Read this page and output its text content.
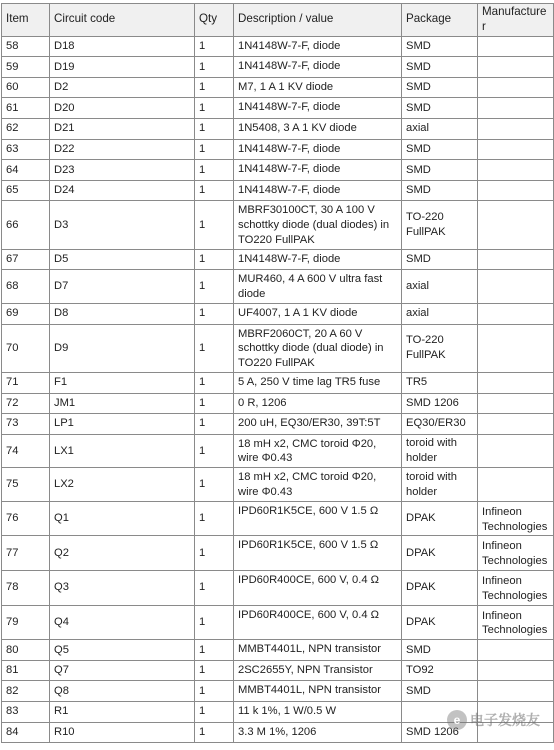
Item	Circuit code	Qty	Description / value	Package	Manufacturer
58	D18	1	1N4148W-7-F, diode	SMD	
59	D19	1	1N4148W-7-F, diode	SMD	
60	D2	1	M7, 1 A 1 KV diode	SMD	
61	D20	1	1N4148W-7-F, diode	SMD	
62	D21	1	1N5408, 3 A 1 KV diode	axial	
63	D22	1	1N4148W-7-F, diode	SMD	
64	D23	1	1N4148W-7-F, diode	SMD	
65	D24	1	1N4148W-7-F, diode	SMD	
66	D3	1	MBRF30100CT, 30 A 100 V schottky diode (dual diodes) in TO220 FullPAK	TO-220 FullPAK	
67	D5	1	1N4148W-7-F, diode	SMD	
68	D7	1	MUR460, 4 A 600 V ultra fast diode	axial	
69	D8	1	UF4007, 1 A 1 KV diode	axial	
70	D9	1	MBRF2060CT, 20 A 60 V schottky diode (dual diode) in TO220 FullPAK	TO-220 FullPAK	
71	F1	1	5 A, 250 V time lag TR5 fuse	TR5	
72	JM1	1	0 R, 1206	SMD 1206	
73	LP1	1	200 uH, EQ30/ER30, 39T:5T	EQ30/ER30	
74	LX1	1	18 mH x2, CMC toroid Φ20, wire Φ0.43	toroid with holder	
75	LX2	1	18 mH x2, CMC toroid Φ20, wire Φ0.43	toroid with holder	
76	Q1	1	IPD60R1K5CE, 600 V 1.5 Ω	DPAK	Infineon Technologies
77	Q2	1	IPD60R1K5CE, 600 V 1.5 Ω	DPAK	Infineon Technologies
78	Q3	1	IPD60R400CE, 600 V, 0.4 Ω	DPAK	Infineon Technologies
79	Q4	1	IPD60R400CE, 600 V, 0.4 Ω	DPAK	Infineon Technologies
80	Q5	1	MMBT4401L, NPN transistor	SMD	
81	Q7	1	2SC2655Y, NPN Transistor	TO92	
82	Q8	1	MMBT4401L, NPN transistor	SMD	
83	R1	1	11 k 1%, 1 W/0.5 W		
84	R10	1	3.3 M 1%, 1206	SMD 1206	
e 电子发烧友
